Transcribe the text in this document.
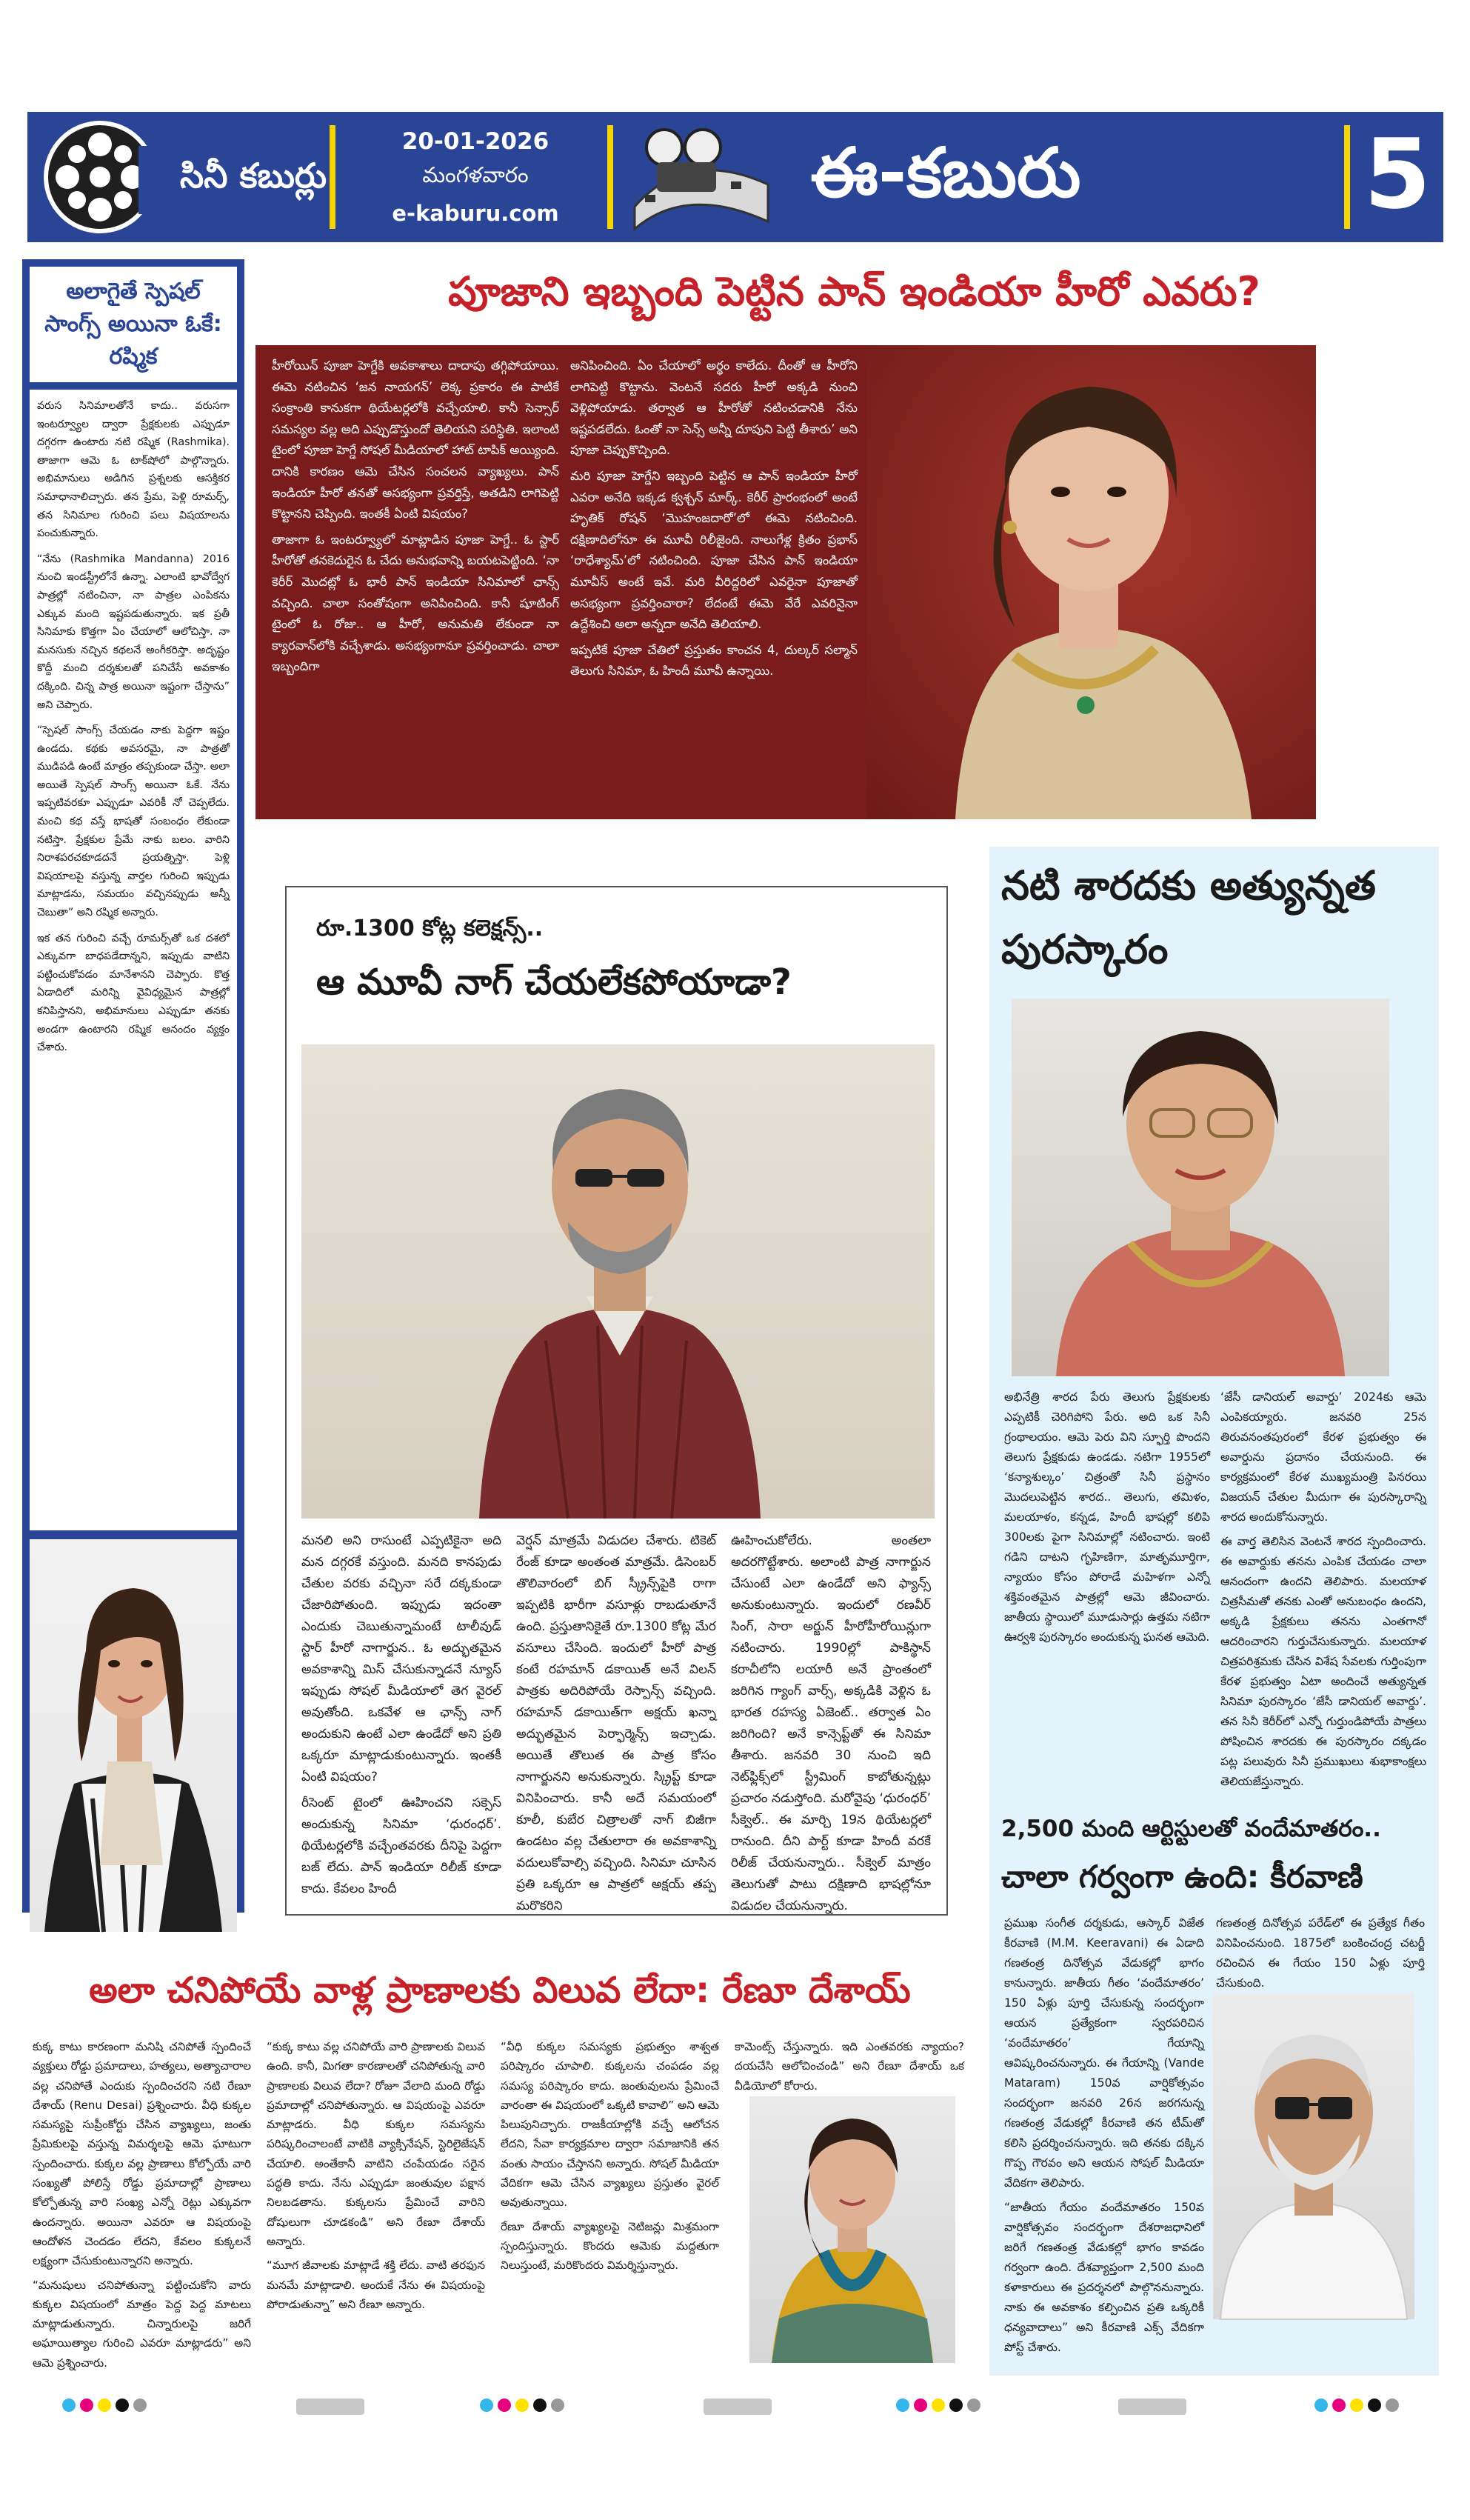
సినీ కబుర్లు
20-01-2026
మంగళవారం
e-kaburu.com
ఈ-కబురు	5
అలాగైతే స్పెషల్ సాంగ్స్ అయినా ఓకే: రష్మిక

వరుస సినిమాలతోనే కాదు.. వరుసగా ఇంటర్వ్యూల ద్వారా ప్రేక్షకులకు ఎప్పుడూ దగ్గరగా ఉంటారు నటి రష్మిక (Rashmika). తాజాగా ఆమె ఓ టాక్‌షోలో పాల్గొన్నారు. అభిమానులు అడిగిన ప్రశ్నలకు ఆసక్తికర సమాధానాలిచ్చారు. తన ప్రేమ, పెళ్లి రూమర్స్, తన సినిమాల గురించి పలు విషయాలను పంచుకున్నారు.

“నేను (Rashmika Mandanna) 2016 నుంచి ఇండస్ట్రీలోనే ఉన్నా. ఎలాంటి భావోద్వేగ పాత్రల్లో నటించినా, నా పాత్రల ఎంపికను ఎక్కువ మంది ఇష్టపడుతున్నారు. ఇక ప్రతీ సినిమాకు కొత్తగా ఏం చేయాలో ఆలోచిస్తా. నా మనసుకు నచ్చిన కథలనే అంగీకరిస్తా. అదృష్టం కొద్దీ మంచి దర్శకులతో పనిచేసే అవకాశం దక్కింది. చిన్న పాత్ర అయినా ఇష్టంగా చేస్తాను” అని చెప్పారు.

“స్పెషల్ సాంగ్స్ చేయడం నాకు పెద్దగా ఇష్టం ఉండదు. కథకు అవసరమై, నా పాత్రతో ముడిపడి ఉంటే మాత్రం తప్పకుండా చేస్తా. అలా అయితే స్పెషల్ సాంగ్స్ అయినా ఓకే. నేను ఇప్పటివరకూ ఎప్పుడూ ఎవరికీ నో చెప్పలేదు. మంచి కథ వస్తే భాషతో సంబంధం లేకుండా నటిస్తా. ప్రేక్షకుల ప్రేమే నాకు బలం. వారిని నిరాశపరచకూడదనే ప్రయత్నిస్తా. పెళ్లి విషయాలపై వస్తున్న వార్తల గురించి ఇప్పుడు మాట్లాడను, సమయం వచ్చినప్పుడు అన్నీ చెబుతా” అని రష్మిక అన్నారు.

ఇక తన గురించి వచ్చే రూమర్స్‌తో ఒక దశలో ఎక్కువగా బాధపడేదాన్నని, ఇప్పుడు వాటిని పట్టించుకోవడం మానేశానని చెప్పారు. కొత్త ఏడాదిలో మరిన్ని వైవిధ్యమైన పాత్రల్లో కనిపిస్తానని, అభిమానులు ఎప్పుడూ తనకు అండగా ఉంటారని రష్మిక ఆనందం వ్యక్తం చేశారు.

పూజాని ఇబ్బంది పెట్టిన పాన్ ఇండియా హీరో ఎవరు?

హీరోయిన్ పూజా హెగ్డేకి అవకాశాలు దాదాపు తగ్గిపోయాయి. ఈమె నటించిన ‘జన నాయగన్’ లెక్క ప్రకారం ఈ పాటికే సంక్రాంతి కానుకగా థియేటర్లలోకి వచ్చేయాలి. కానీ సెన్సార్ సమస్యల వల్ల అది ఎప్పుడొస్తుందో తెలియని పరిస్థితి. ఇలాంటి టైంలో పూజా హెగ్డే సోషల్ మీడియాలో హాట్ టాపిక్ అయ్యింది. దానికి కారణం ఆమె చేసిన సంచలన వ్యాఖ్యలు. పాన్ ఇండియా హీరో తనతో అసభ్యంగా ప్రవర్తిస్తే, అతడిని లాగిపెట్టి కొట్టానని చెప్పింది. ఇంతకీ ఏంటి విషయం?

తాజాగా ఓ ఇంటర్వ్యూలో మాట్లాడిన పూజా హెగ్డే.. ఓ స్టార్ హీరోతో తనకెదురైన ఓ చేదు అనుభవాన్ని బయటపెట్టింది. ‘నా కెరీర్ మొదట్లో ఓ భారీ పాన్ ఇండియా సినిమాలో ఛాన్స్ వచ్చింది. చాలా సంతోషంగా అనిపించింది. కానీ షూటింగ్ టైంలో ఓ రోజు.. ఆ హీరో, అనుమతి లేకుండా నా క్యారవాన్‌లోకి వచ్చేశాడు. అసభ్యంగానూ ప్రవర్తించాడు. చాలా ఇబ్బందిగా

అనిపించింది. ఏం చేయాలో అర్థం కాలేదు. దీంతో ఆ హీరోని లాగిపెట్టి కొట్టాను. వెంటనే సదరు హీరో అక్కడి నుంచి వెళ్లిపోయాడు. తర్వాత ఆ హీరోతో నటించడానికి నేను ఇష్టపడలేదు. ఓంతో నా సెన్స్ అన్నీ దూపుని పెట్టి తీశారు’ అని పూజా చెప్పుకొచ్చింది.

మరి పూజా హెగ్డేని ఇబ్బంది పెట్టిన ఆ పాన్ ఇండియా హీరో ఎవరా అనేది ఇక్కడ క్వశ్చన్ మార్క్. కెరీర్ ప్రారంభంలో అంటే హృతిక్ రోషన్ ‘మొహంజదారో’లో ఈమె నటించింది. దక్షిణాదిలోనూ ఈ మూవీ రిలీజైంది. నాలుగేళ్ల క్రితం ప్రభాస్ ‘రాధేశ్యామ్’లో నటించింది. పూజా చేసిన పాన్ ఇండియా మూవీస్ అంటే ఇవే. మరి వీరిద్దరిలో ఎవరైనా పూజాతో అసభ్యంగా ప్రవర్తించారా? లేదంటే ఈమె వేరే ఎవరినైనా ఉద్దేశించి అలా అన్నదా అనేది తెలియాలి.

ఇప్పటికే పూజా చేతిలో ప్రస్తుతం కాంచన 4, దుల్కర్ సల్మాన్ తెలుగు సినిమా, ఓ హిందీ మూవీ ఉన్నాయి.

రూ.1300 కోట్ల కలెక్షన్స్..
ఆ మూవీ నాగ్ చేయలేకపోయాడా?

మనలి అని రాసుంటే ఎప్పటికైనా అది మన దగ్గరకే వస్తుంది. మనది కానపుడు చేతుల వరకు వచ్చినా సరే దక్కకుండా చేజారిపోతుంది. ఇప్పుడు ఇదంతా ఎందుకు చెబుతున్నామంటే టాలీవుడ్ స్టార్ హీరో నాగార్జున.. ఓ అద్భుతమైన అవకాశాన్ని మిస్ చేసుకున్నాడనే న్యూస్ ఇప్పుడు సోషల్ మీడియాలో తెగ వైరల్ అవుతోంది. ఒకవేళ ఆ ఛాన్స్ నాగ్ అందుకుని ఉంటే ఎలా ఉండేదో అని ప్రతి ఒక్కరూ మాట్లాడుకుంటున్నారు. ఇంతకీ ఏంటి విషయం?

రీసెంట్ టైంలో ఊహించని సక్సెస్ అందుకున్న సినిమా ‘ధురంధర్’. థియేటర్లలోకి వచ్చేంతవరకు దీనిపై పెద్దగా బజ్ లేదు. పాన్ ఇండియా రిలీజ్ కూడా కాదు. కేవలం హిందీ

వెర్షన్ మాత్రమే విడుదల చేశారు. టికెట్ రేంజ్ కూడా అంతంత మాత్రమే. డిసెంబర్ తొలివారంలో బిగ్ స్క్రీన్స్‌పైకి రాగా ఇప్పటికి భారీగా వసూళ్లు రాబడుతూనే ఉంది. ప్రస్తుతానికైతే రూ.1300 కోట్ల మేర వసూలు చేసింది. ఇందులో హీరో పాత్ర కంటే రహమాన్ డకాయిత్ అనే విలన్ పాత్రకు అదిరిపోయే రెస్పాన్స్ వచ్చింది. రహమాన్ డకాయిత్‌గా అక్షయ్ ఖన్నా అద్భుతమైన పెర్ఫార్మెన్స్ ఇచ్చాడు. అయితే తొలుత ఈ పాత్ర కోసం నాగార్జునని అనుకున్నారు. స్క్రిప్ట్ కూడా వినిపించారు. కానీ అదే సమయంలో కూలీ, కుబేర చిత్రాలతో నాగ్ బిజీగా ఉండటం వల్ల చేతులారా ఈ అవకాశాన్ని వదులుకోవాల్సి వచ్చింది. సినిమా చూసిన ప్రతి ఒక్కరూ ఆ పాత్రలో అక్షయ్ తప్ప మరొకరిని

ఊహించుకోలేరు. అంతలా అదరగొట్టేశారు. అలాంటి పాత్ర నాగార్జున చేసుంటే ఎలా ఉండేదో అని ఫ్యాన్స్ అనుకుంటున్నారు. ఇందులో రణవీర్ సింగ్, సారా అర్జున్ హీరోహీరోయిన్లుగా నటించారు. 1990ల్లో పాకిస్థాన్ కరాచీలోని లయారీ అనే ప్రాంతంలో జరిగిన గ్యాంగ్ వార్స్, అక్కడికి వెళ్లిన ఓ భారత రహస్య ఏజెంట్.. తర్వాత ఏం జరిగింది? అనే కాన్సెప్ట్‌తో ఈ సినిమా తీశారు. జనవరి 30 నుంచి ఇది నెట్‌ఫ్లిక్స్‌లో స్ట్రీమింగ్ కాబోతున్నట్లు ప్రచారం నడుస్తోంది. మరోవైపు ‘ధురంధర్’ సీక్వెల్.. ఈ మార్చి 19న థియేటర్లలో రానుంది. దీని పార్ట్ కూడా హిందీ వరకే రిలీజ్ చేయనున్నారు.. సీక్వెల్ మాత్రం తెలుగుతో పాటు దక్షిణాది భాషల్లోనూ విడుదల చేయనున్నారు.

నటి శారదకు అత్యున్నత పురస్కారం

అభినేత్రి శారద పేరు తెలుగు ప్రేక్షకులకు ఎప్పటికీ చెరిగిపోని పేరు. అది ఒక సినీ గ్రంథాలయం. ఆమె పెరు విని స్ఫూర్తి పొందని తెలుగు ప్రేక్షకుడు ఉండడు. నటిగా 1955లో ‘కన్యాశుల్కం’ చిత్రంతో సినీ ప్రస్థానం మొదలుపెట్టిన శారద.. తెలుగు, తమిళం, మలయాళం, కన్నడ, హిందీ భాషల్లో కలిపి 300లకు పైగా సినిమాల్లో నటించారు. ఇంటి గడిని దాటని గృహిణిగా, మాతృమూర్తిగా, న్యాయం కోసం పోరాడే మహిళగా ఎన్నో శక్తివంతమైన పాత్రల్లో ఆమె జీవించారు. జాతీయ స్థాయిలో మూడుసార్లు ఉత్తమ నటిగా ఊర్వశి పురస్కారం అందుకున్న ఘనత ఆమెది.

‘జేసీ డానియల్ అవార్డు’ 2024కు ఆమె ఎంపికయ్యారు. జనవరి 25న తిరువనంతపురంలో కేరళ ప్రభుత్వం ఈ అవార్డును ప్రదానం చేయనుంది. ఈ కార్యక్రమంలో కేరళ ముఖ్యమంత్రి పినరయి విజయన్ చేతుల మీదుగా ఈ పురస్కారాన్ని శారద అందుకోనున్నారు.

ఈ వార్త తెలిసిన వెంటనే శారద స్పందించారు. ఈ అవార్డుకు తనను ఎంపిక చేయడం చాలా ఆనందంగా ఉందని తెలిపారు. మలయాళ చిత్రసీమతో తనకు ఎంతో అనుబంధం ఉందని, అక్కడి ప్రేక్షకులు తనను ఎంతగానో ఆదరించారని గుర్తుచేసుకున్నారు. మలయాళ చిత్రపరిశ్రమకు చేసిన విశేష సేవలకు గుర్తింపుగా కేరళ ప్రభుత్వం ఏటా అందించే అత్యున్నత సినిమా పురస్కారం ‘జేసీ డానియల్ అవార్డు’. తన సినీ కెరీర్‌లో ఎన్నో గుర్తుండిపోయే పాత్రలు పోషించిన శారదకు ఈ పురస్కారం దక్కడం పట్ల పలువురు సినీ ప్రముఖులు శుభాకాంక్షలు తెలియజేస్తున్నారు.

2,500 మంది ఆర్టిస్టులతో వందేమాతరం..
చాలా గర్వంగా ఉంది: కీరవాణి

ప్రముఖ సంగీత దర్శకుడు, ఆస్కార్ విజేత కీరవాణి (M.M. Keeravani) ఈ ఏడాది గణతంత్ర దినోత్సవ వేడుకల్లో భాగం కానున్నారు. జాతీయ గీతం ‘వందేమాతరం’ 150 ఏళ్లు పూర్తి చేసుకున్న సందర్భంగా ఆయన ప్రత్యేకంగా స్వరపరిచిన ‘వందేమాతరం’ గేయాన్ని ఆవిష్కరించనున్నారు. ఈ గేయాన్ని (Vande Mataram) 150వ వార్షికోత్సవం సందర్భంగా జనవరి 26న జరగనున్న గణతంత్ర వేడుకల్లో కీరవాణి తన టీమ్‌తో కలిసి ప్రదర్శించనున్నారు. ఇది తనకు దక్కిన గొప్ప గౌరవం అని ఆయన సోషల్ మీడియా వేదికగా తెలిపారు.

“జాతీయ గేయం వందేమాతరం 150వ వార్షికోత్సవం సందర్భంగా దేశరాజధానిలో జరిగే గణతంత్ర వేడుకల్లో భాగం కావడం గర్వంగా ఉంది. దేశవ్యాప్తంగా 2,500 మంది కళాకారులు ఈ ప్రదర్శనలో పాల్గొననున్నారు. నాకు ఈ అవకాశం కల్పించిన ప్రతి ఒక్కరికీ ధన్యవాదాలు” అని కీరవాణి ఎక్స్ వేదికగా పోస్ట్ చేశారు.

గణతంత్ర దినోత్సవ పరేడ్‌లో ఈ ప్రత్యేక గీతం వినిపించనుంది. 1875లో బంకించంద్ర చటర్జీ రచించిన ఈ గేయం 150 ఏళ్లు పూర్తి చేసుకుంది.

అలా చనిపోయే వాళ్ల ప్రాణాలకు విలువ లేదా: రేణూ దేశాయ్

కుక్క కాటు కారణంగా మనిషి చనిపోతే స్పందించే వ్యక్తులు రోడ్డు ప్రమాదాలు, హత్యలు, అత్యాచారాల వల్ల చనిపోతే ఎందుకు స్పందించరని నటి రేణూ దేశాయ్ (Renu Desai) ప్రశ్నించారు. వీధి కుక్కల సమస్యపై సుప్రీంకోర్టు చేసిన వ్యాఖ్యలు, జంతు ప్రేమికులపై వస్తున్న విమర్శలపై ఆమె ఘాటుగా స్పందించారు. కుక్కల వల్ల ప్రాణాలు కోల్పోయే వారి సంఖ్యతో పోలిస్తే రోడ్డు ప్రమాదాల్లో ప్రాణాలు కోల్పోతున్న వారి సంఖ్య ఎన్నో రెట్లు ఎక్కువగా ఉందన్నారు. అయినా ఎవరూ ఆ విషయంపై ఆందోళన చెందడం లేదని, కేవలం కుక్కలనే లక్ష్యంగా చేసుకుంటున్నారని అన్నారు.

“మనుషులు చనిపోతున్నా పట్టించుకోని వారు కుక్కల విషయంలో మాత్రం పెద్ద పెద్ద మాటలు మాట్లాడుతున్నారు. చిన్నారులపై జరిగే అఘాయిత్యాల గురించి ఎవరూ మాట్లాడరు” అని ఆమె ప్రశ్నించారు.

“కుక్క కాటు వల్ల చనిపోయే వారి ప్రాణాలకు విలువ ఉంది. కానీ, మిగతా కారణాలతో చనిపోతున్న వారి ప్రాణాలకు విలువ లేదా? రోజూ వేలాది మంది రోడ్డు ప్రమాదాల్లో చనిపోతున్నారు. ఆ విషయంపై ఎవరూ మాట్లాడరు. వీధి కుక్కల సమస్యను పరిష్కరించాలంటే వాటికి వ్యాక్సినేషన్, స్టెరిలైజేషన్ చేయాలి. అంతేకానీ వాటిని చంపేయడం సరైన పద్ధతి కాదు. నేను ఎప్పుడూ జంతువుల పక్షాన నిలబడతాను. కుక్కలను ప్రేమించే వారిని దోషులుగా చూడకండి” అని రేణూ దేశాయ్ అన్నారు.

“మూగ జీవాలకు మాట్లాడే శక్తి లేదు. వాటి తరఫున మనమే మాట్లాడాలి. అందుకే నేను ఈ విషయంపై పోరాడుతున్నా” అని రేణూ అన్నారు.

“వీధి కుక్కల సమస్యకు ప్రభుత్వం శాశ్వత పరిష్కారం చూపాలి. కుక్కలను చంపడం వల్ల సమస్య పరిష్కారం కాదు. జంతువులను ప్రేమించే వారంతా ఈ విషయంలో ఒక్కటి కావాలి” అని ఆమె పిలుపునిచ్చారు. రాజకీయాల్లోకి వచ్చే ఆలోచన లేదని, సేవా కార్యక్రమాల ద్వారా సమాజానికి తన వంతు సాయం చేస్తానని అన్నారు. సోషల్ మీడియా వేదికగా ఆమె చేసిన వ్యాఖ్యలు ప్రస్తుతం వైరల్ అవుతున్నాయి.

రేణూ దేశాయ్ వ్యాఖ్యలపై నెటిజన్లు మిశ్రమంగా స్పందిస్తున్నారు. కొందరు ఆమెకు మద్దతుగా నిలుస్తుంటే, మరికొందరు విమర్శిస్తున్నారు.

కామెంట్స్ చేస్తున్నారు. ఇది ఎంతవరకు న్యాయం? దయచేసి ఆలోచించండి” అని రేణూ దేశాయ్ ఒక వీడియోలో కోరారు.
